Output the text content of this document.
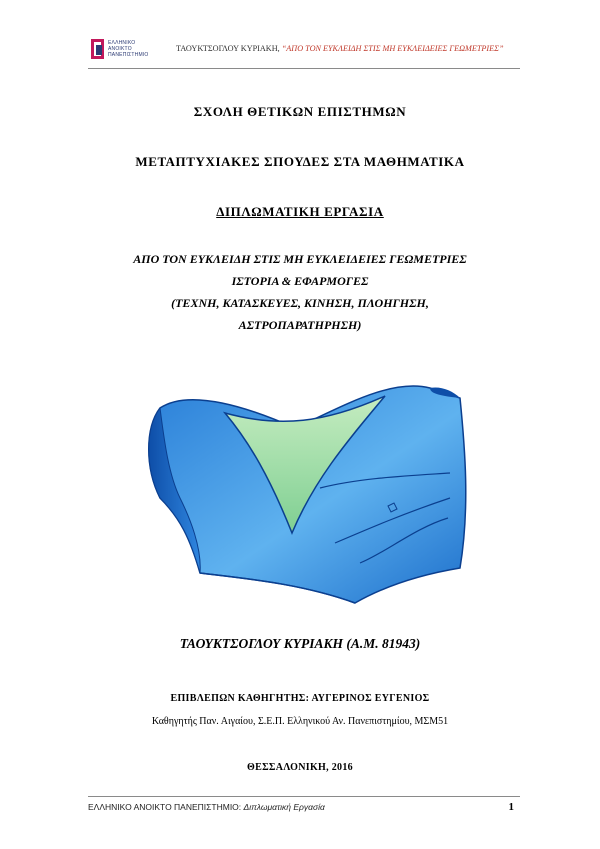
ΕΛΛΗΝΙΚΟ
ΑΝΟΙΚΤΟ
ΠΑΝΕΠΙΣΤΗΜΙΟ
ΤΑΟΥΚΤΣΟΓΛΟΥ ΚΥΡΙΑΚΗ, “ΑΠΟ ΤΟΝ ΕΥΚΛΕΙΔΗ ΣΤΙΣ ΜΗ ΕΥΚΛΕΙΔΕΙΕΣ ΓΕΩΜΕΤΡΙΕΣ”
ΣΧΟΛΗ ΘΕΤΙΚΩΝ ΕΠΙΣΤΗΜΩΝ
ΜΕΤΑΠΤΥΧΙΑΚΕΣ ΣΠΟΥΔΕΣ ΣΤΑ ΜΑΘΗΜΑΤΙΚΑ
ΔΙΠΛΩΜΑΤΙΚΗ ΕΡΓΑΣΙΑ
ΑΠΟ ΤΟΝ ΕΥΚΛΕΙΔΗ ΣΤΙΣ ΜΗ ΕΥΚΛΕΙΔΕΙΕΣ ΓΕΩΜΕΤΡΙΕΣ
ΙΣΤΟΡΙΑ & ΕΦΑΡΜΟΓΕΣ
(ΤΕΧΝΗ, ΚΑΤΑΣΚΕΥΕΣ, ΚΙΝΗΣΗ, ΠΛΟΗΓΗΣΗ,
ΑΣΤΡΟΠΑΡΑΤΗΡΗΣΗ)
ΤΑΟΥΚΤΣΟΓΛΟΥ ΚΥΡΙΑΚΗ (Α.Μ. 81943)
ΕΠΙΒΛΕΠΩΝ ΚΑΘΗΓΗΤΗΣ: ΑΥΓΕΡΙΝΟΣ ΕΥΓΕΝΙΟΣ
Καθηγητής Παν. Αιγαίου, Σ.Ε.Π. Ελληνικού Αν. Πανεπιστημίου, ΜΣΜ51
ΘΕΣΣΑΛΟΝΙΚΗ, 2016
ΕΛΛΗΝΙΚΟ ΑΝΟΙΚΤΟ ΠΑΝΕΠΙΣΤΗΜΙΟ: Διπλωματική Εργασία	1
